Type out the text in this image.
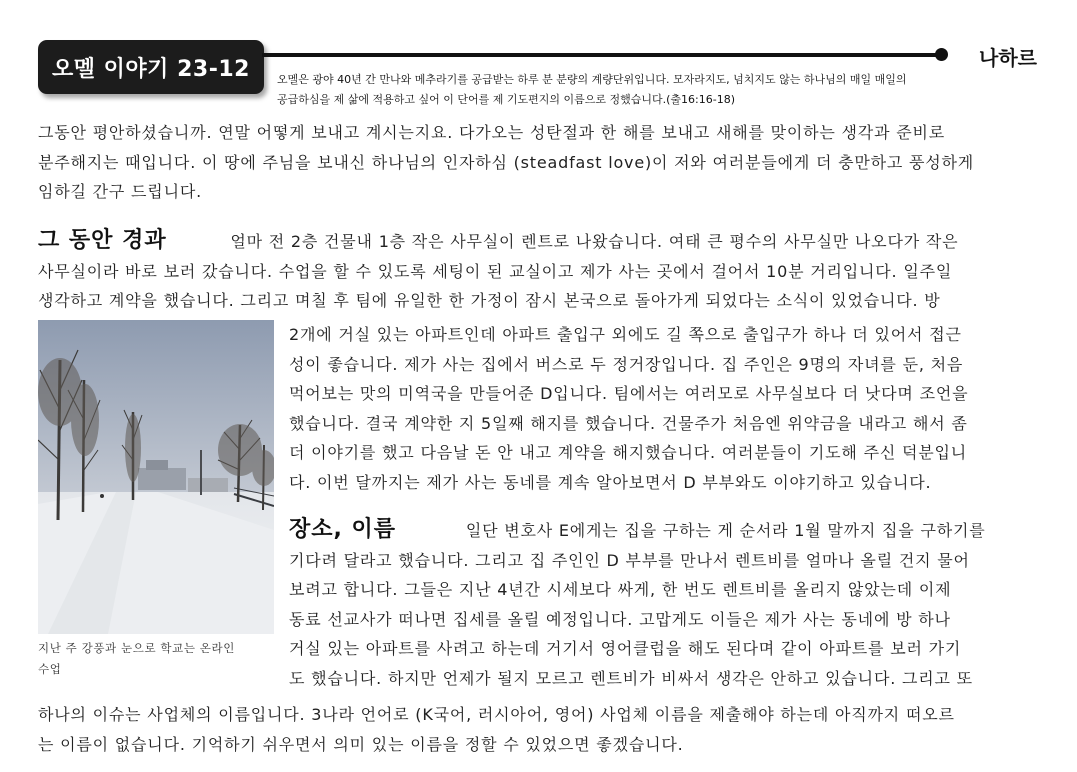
오멜 이야기 23-12	나하르
오멜은 광야 40년 간 만나와 메추라기를 공급받는 하루 분 분량의 계량단위입니다. 모자라지도, 넘치지도 않는 하나님의 매일 매일의
공급하심을 제 삶에 적용하고 싶어 이 단어를 제 기도편지의 이름으로 정했습니다.(출16:16-18)
그동안 평안하셨습니까. 연말 어떻게 보내고 계시는지요. 다가오는 성탄절과 한 해를 보내고 새해를 맞이하는 생각과 준비로
분주해지는 때입니다. 이 땅에 주님을 보내신 하나님의 인자하심 (steadfast love)이 저와 여러분들에게 더 충만하고 풍성하게
임하길 간구 드립니다.
그 동안 경과	얼마 전 2층 건물내 1층 작은 사무실이 렌트로 나왔습니다. 여태 큰 평수의 사무실만 나오다가 작은
사무실이라 바로 보러 갔습니다. 수업을 할 수 있도록 세팅이 된 교실이고 제가 사는 곳에서 걸어서 10분 거리입니다. 일주일
생각하고 계약을 했습니다. 그리고 며칠 후 팀에 유일한 한 가정이 잠시 본국으로 돌아가게 되었다는 소식이 있었습니다. 방
2개에 거실 있는 아파트인데 아파트 출입구 외에도 길 쪽으로 출입구가 하나 더 있어서 접근
성이 좋습니다. 제가 사는 집에서 버스로 두 정거장입니다. 집 주인은 9명의 자녀를 둔, 처음
먹어보는 맛의 미역국을 만들어준 D입니다. 팀에서는 여러모로 사무실보다 더 낫다며 조언을
했습니다. 결국 계약한 지 5일째 해지를 했습니다. 건물주가 처음엔 위약금을 내라고 해서 좀
더 이야기를 했고 다음날 돈 안 내고 계약을 해지했습니다. 여러분들이 기도해 주신 덕분입니
다. 이번 달까지는 제가 사는 동네를 계속 알아보면서 D 부부와도 이야기하고 있습니다.
장소, 이름	일단 변호사 E에게는 집을 구하는 게 순서라 1월 말까지 집을 구하기를
기다려 달라고 했습니다. 그리고 집 주인인 D 부부를 만나서 렌트비를 얼마나 올릴 건지 물어
보려고 합니다. 그들은 지난 4년간 시세보다 싸게, 한 번도 렌트비를 올리지 않았는데 이제
동료 선교사가 떠나면 집세를 올릴 예정입니다. 고맙게도 이들은 제가 사는 동네에 방 하나
거실 있는 아파트를 사려고 하는데 거기서 영어클럽을 해도 된다며 같이 아파트를 보러 가기
도 했습니다. 하지만 언제가 될지 모르고 렌트비가 비싸서 생각은 안하고 있습니다. 그리고 또
하나의 이슈는 사업체의 이름입니다. 3나라 언어로 (K국어, 러시아어, 영어) 사업체 이름을 제출해야 하는데 아직까지 떠오르
는 이름이 없습니다. 기억하기 쉬우면서 의미 있는 이름을 정할 수 있었으면 좋겠습니다.
지난 주 강풍과 눈으로 학교는 온라인
수업
